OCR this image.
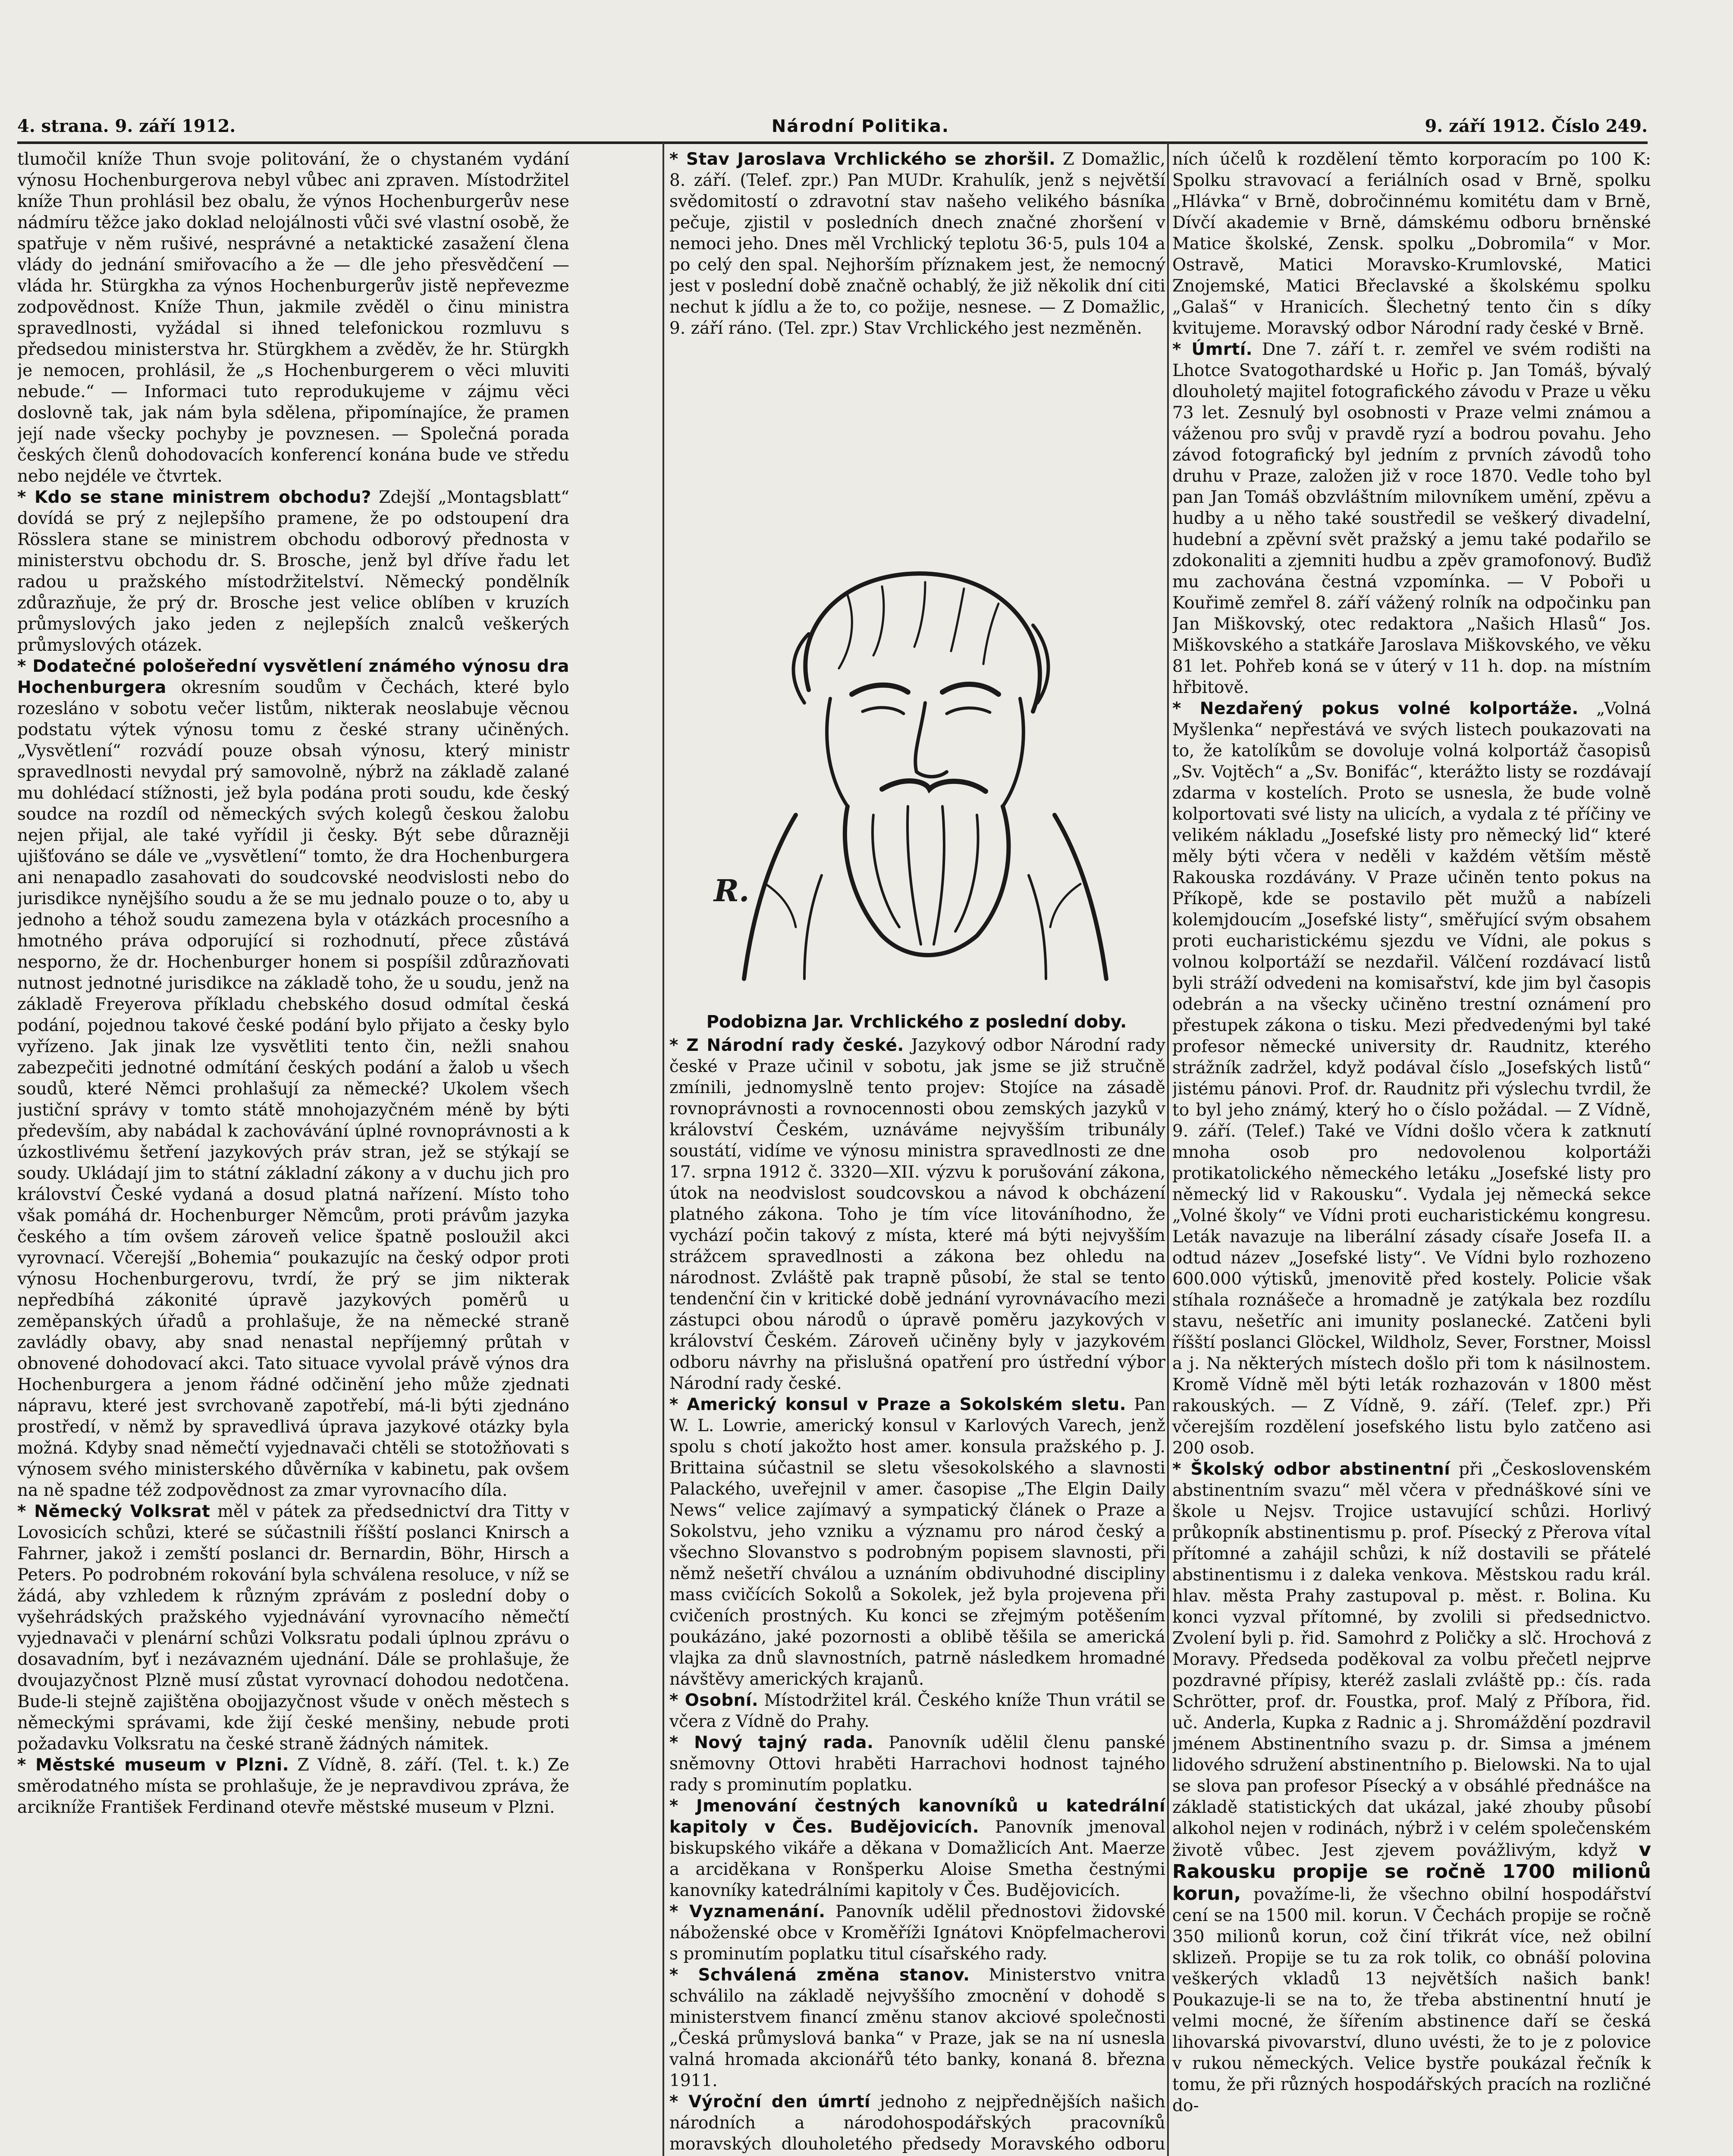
4. strana. 9. září 1912.	Národní Politika.	9. září 1912. Číslo 249.

tlumočil kníže Thun svoje politování, že o chystaném vydání výnosu Hochenburgerova nebyl vůbec ani zpraven. Místodržitel kníže Thun prohlásil bez obalu, že výnos Hochenburgerův nese nádmíru těžce jako doklad nelojálnosti vůči své vlastní osobě, že spatřuje v něm rušivé, nesprávné a netaktické zasažení člena vlády do jednání smiřovacího a že — dle jeho přesvědčení — vláda hr. Stürgkha za výnos Hochenburgerův jistě nepřevezme zodpovědnost. Kníže Thun, jakmile zvěděl o činu ministra spravedlnosti, vyžádal si ihned telefonickou rozmluvu s předsedou ministerstva hr. Stürgkhem a zvěděv, že hr. Stürgkh je nemocen, prohlásil, že „s Hochenburgerem o věci mluviti nebude.“ — Informaci tuto reprodukujeme v zájmu věci doslovně tak, jak nám byla sdělena, připomínajíce, že pramen její nade všecky pochyby je povznesen. — Společná porada českých členů dohodovacích konferencí konána bude ve středu nebo nejdéle ve čtvrtek.

* Kdo se stane ministrem obchodu? Zdejší „Montagsblatt“ dovídá se prý z nejlepšího pramene, že po odstoupení dra Rösslera stane se ministrem obchodu odborový přednosta v ministerstvu obchodu dr. S. Brosche, jenž byl dříve řadu let radou u pražského místodržitelství. Německý pondělník zdůrazňuje, že prý dr. Brosche jest velice oblíben v kruzích průmyslových jako jeden z nejlepších znalců veškerých průmyslových otázek.

* Dodatečné pološeřední vysvětlení známého výnosu dra Hochenburgera okresním soudům v Čechách, které bylo rozesláno v sobotu večer listům, nikterak neoslabuje věcnou podstatu výtek výnosu tomu z české strany učiněných. „Vysvětlení“ rozvádí pouze obsah výnosu, který ministr spravedlnosti nevydal prý samovolně, nýbrž na základě zalané mu dohlédací stížnosti, jež byla podána proti soudu, kde český soudce na rozdíl od německých svých kolegů českou žalobu nejen přijal, ale také vyřídil ji česky. Být sebe důrazněji ujišťováno se dále ve „vysvětlení“ tomto, že dra Hochenburgera ani nenapadlo zasahovati do soudcovské neodvislosti nebo do jurisdikce nynějšího soudu a že se mu jednalo pouze o to, aby u jednoho a téhož soudu zamezena byla v otázkách procesního a hmotného práva odporující si rozhodnutí, přece zůstává nesporno, že dr. Hochenburger honem si pospíšil zdůrazňovati nutnost jednotné jurisdikce na základě toho, že u soudu, jenž na základě Freyerova příkladu chebského dosud odmítal česká podání, pojednou takové české podání bylo přijato a česky bylo vyřízeno. Jak jinak lze vysvětliti tento čin, nežli snahou zabezpečiti jednotné odmítání českých podání a žalob u všech soudů, které Němci prohlašují za německé? Ukolem všech justiční správy v tomto státě mnohojazyčném méně by býti především, aby nabádal k zachovávání úplné rovnoprávnosti a k úzkostlivému šetření jazykových práv stran, jež se stýkají se soudy. Ukládají jim to státní základní zákony a v duchu jich pro království České vydaná a dosud platná nařízení. Místo toho však pomáhá dr. Hochenburger Němcům, proti právům jazyka českého a tím ovšem zároveň velice špatně posloužil akci vyrovnací. Včerejší „Bohemia“ poukazujíc na český odpor proti výnosu Hochenburgerovu, tvrdí, že prý se jim nikterak nepředbíhá zákonité úpravě jazykových poměrů u zeměpanských úřadů a prohlašuje, že na německé straně zavládly obavy, aby snad nenastal nepříjemný průtah v obnovené dohodovací akci. Tato situace vyvolal právě výnos dra Hochenburgera a jenom řádné odčinění jeho může zjednati nápravu, které jest svrchovaně zapotřebí, má-li býti zjednáno prostředí, v němž by spravedlivá úprava jazykové otázky byla možná. Kdyby snad němečtí vyjednavači chtěli se stotožňovati s výnosem svého ministerského důvěrníka v kabinetu, pak ovšem na ně spadne též zodpovědnost za zmar vyrovnacího díla.

* Německý Volksrat měl v pátek za předsednictví dra Titty v Lovosicích schůzi, které se súčastnili říšští poslanci Knirsch a Fahrner, jakož i zemští poslanci dr. Bernardin, Böhr, Hirsch a Peters. Po podrobném rokování byla schválena resoluce, v níž se žádá, aby vzhledem k různým zprávám z poslední doby o vyšehrádských pražského vyjednávání vyrovnacího němečtí vyjednavači v plenární schůzi Volksratu podali úplnou zprávu o dosavadním, byť i nezávazném ujednání. Dále se prohlašuje, že dvoujazyčnost Plzně musí zůstat vyrovnací dohodou nedotčena. Bude-li stejně zajištěna obojjazyčnost všude v oněch městech s německými správami, kde žijí české menšiny, nebude proti požadavku Volksratu na české straně žádných námitek.

* Městské museum v Plzni. Z Vídně, 8. září. (Tel. t. k.) Ze směrodatného místa se prohlašuje, že je nepravdivou zpráva, že arcikníže František Ferdinand otevře městské museum v Plzni.

* Stav Jaroslava Vrchlického se zhoršil. Z Domažlic, 8. září. (Telef. zpr.) Pan MUDr. Krahulík, jenž s největší svědomitostí o zdravotní stav našeho velikého básníka pečuje, zjistil v posledních dnech značné zhoršení v nemoci jeho. Dnes měl Vrchlický teplotu 36·5, puls 104 a po celý den spal. Nejhorším příznakem jest, že nemocný jest v poslední době značně ochablý, že již několik dní citi nechut k jídlu a že to, co požije, nesnese. — Z Domažlic, 9. září ráno. (Tel. zpr.) Stav Vrchlického jest nezměněn.

R.
Podobizna Jar. Vrchlického z poslední doby.

* Z Národní rady české. Jazykový odbor Národní rady české v Praze učinil v sobotu, jak jsme se již stručně zmínili, jednomyslně tento projev: Stojíce na zásadě rovnoprávnosti a rovnocennosti obou zemských jazyků v království Českém, uznáváme nejvyšším tribunály soustátí, vidíme ve výnosu ministra spravedlnosti ze dne 17. srpna 1912 č. 3320—XII. výzvu k porušování zákona, útok na neodvislost soudcovskou a návod k obcházení platného zákona. Toho je tím více litováníhodno, že vychází počin takový z místa, které má býti nejvyšším strážcem spravedlnosti a zákona bez ohledu na národnost. Zvláště pak trapně působí, že stal se tento tendenční čin v kritické době jednání vyrovnávacího mezi zástupci obou národů o úpravě poměru jazykových v království Českém. Zároveň učiněny byly v jazykovém odboru návrhy na přislušná opatření pro ústřední výbor Národní rady české.

* Americký konsul v Praze a Sokolském sletu. Pan W. L. Lowrie, americký konsul v Karlových Varech, jenž spolu s chotí jakožto host amer. konsula pražského p. J. Brittaina súčastnil se sletu všesokolského a slavnosti Palackého, uveřejnil v amer. časopise „The Elgin Daily News“ velice zajímavý a sympatický článek o Praze a Sokolstvu, jeho vzniku a významu pro národ český a všechno Slovanstvo s podrobným popisem slavnosti, při němž nešetří chválou a uznáním obdivuhodné discipliny mass cvičících Sokolů a Sokolek, jež byla projevena při cvičeních prostných. Ku konci se zřejmým potěšením poukázáno, jaké pozornosti a oblibě těšila se americká vlajka za dnů slavnostních, patrně následkem hromadné návštěvy amerických krajanů.

* Osobní. Místodržitel král. Českého kníže Thun vrátil se včera z Vídně do Prahy.

* Nový tajný rada. Panovník udělil členu panské sněmovny Ottovi hraběti Harrachovi hodnost tajného rady s prominutím poplatku.

* Jmenování čestných kanovníků u katedrální kapitoly v Čes. Budějovicích. Panovník jmenoval biskupského vikáře a děkana v Domažlicích Ant. Maerze a arciděkana v Ronšperku Aloise Smetha čestnými kanovníky katedrálními kapitoly v Čes. Budějovicích.

* Vyznamenání. Panovník udělil přednostovi židovské náboženské obce v Kroměříži Ignátovi Knöpfelmacherovi s prominutím poplatku titul císařského rady.

* Schválená změna stanov. Ministerstvo vnitra schválilo na základě nejvyššího zmocnění v dohodě s ministerstvem financí změnu stanov akciové společnosti „Česká průmyslová banka“ v Praze, jak se na ní usnesla valná hromada akcionářů této banky, konaná 8. března 1911.

* Výroční den úmrtí jednoho z nejpřednějších našich národních a národohospodářských pracovníků moravských dlouholetého předsedy Moravského odboru

ních účelů k rozdělení těmto korporacím po 100 K: Spolku stravovací a feriálních osad v Brně, spolku „Hlávka“ v Brně, dobročinnému komitétu dam v Brně, Dívčí akademie v Brně, dámskému odboru brněnské Matice školské, Zensk. spolku „Dobromila“ v Mor. Ostravě, Matici Moravsko-Krumlovské, Matici Znojemské, Matici Břeclavské a školskému spolku „Galaš“ v Hranicích. Šlechetný tento čin s díky kvitujeme. Moravský odbor Národní rady české v Brně.

* Úmrtí. Dne 7. září t. r. zemřel ve svém rodišti na Lhotce Svatogothardské u Hořic p. Jan Tomáš, bývalý dlouholetý majitel fotografického závodu v Praze u věku 73 let. Zesnulý byl osobnosti v Praze velmi známou a váženou pro svůj v pravdě ryzí a bodrou povahu. Jeho závod fotografický byl jedním z prvních závodů toho druhu v Praze, založen již v roce 1870. Vedle toho byl pan Jan Tomáš obzvláštním milovníkem umění, zpěvu a hudby a u něho také soustředil se veškerý divadelní, hudební a zpěvní svět pražský a jemu také podařilo se zdokonaliti a zjemniti hudbu a zpěv gramofonový. Buďiž mu zachována čestná vzpomínka. — V Poboři u Kouřimě zemřel 8. září vážený rolník na odpočinku pan Jan Miškovský, otec redaktora „Našich Hlasů“ Jos. Miškovského a statkáře Jaroslava Miškovského, ve věku 81 let. Pohřeb koná se v úterý v 11 h. dop. na místním hřbitově.

* Nezdařený pokus volné kolportáže. „Volná Myšlenka“ nepřestává ve svých listech poukazovati na to, že katolíkům se dovoluje volná kolportáž časopisů „Sv. Vojtěch“ a „Sv. Bonifác“, kterážto listy se rozdávají zdarma v kostelích. Proto se usnesla, že bude volně kolportovati své listy na ulicích, a vydala z té příčiny ve velikém nákladu „Josefské listy pro německý lid“ které měly býti včera v neděli v každém větším městě Rakouska rozdávány. V Praze učiněn tento pokus na Příkopě, kde se postavilo pět mužů a nabízeli kolemjdoucím „Josefské listy“, směřující svým obsahem proti eucharistickému sjezdu ve Vídni, ale pokus s volnou kolportáží se nezdařil. Válčení rozdávací listů byli stráží odvedeni na komisařství, kde jim byl časopis odebrán a na všecky učiněno trestní oznámení pro přestupek zákona o tisku. Mezi předvedenými byl také profesor německé university dr. Raudnitz, kterého strážník zadržel, když podával číslo „Josefských listů“ jistému pánovi. Prof. dr. Raudnitz při výslechu tvrdil, že to byl jeho známý, který ho o číslo požádal. — Z Vídně, 9. září. (Telef.) Také ve Vídni došlo včera k zatknutí mnoha osob pro nedovolenou kolportáži protikatolického německého letáku „Josefské listy pro německý lid v Rakousku“. Vydala jej německá sekce „Volné školy“ ve Vídni proti eucharistickému kongresu. Leták navazuje na liberální zásady císaře Josefa II. a odtud název „Josefské listy“. Ve Vídni bylo rozhozeno 600.000 výtisků, jmenovitě před kostely. Policie však stíhala roznášeče a hromadně je zatýkala bez rozdílu stavu, nešetříc ani imunity poslanecké. Zatčeni byli říšští poslanci Glöckel, Wildholz, Sever, Forstner, Moissl a j. Na některých místech došlo při tom k násilnostem. Kromě Vídně měl býti leták rozhazován v 1800 měst rakouských. — Z Vídně, 9. září. (Telef. zpr.) Při včerejším rozdělení josefského listu bylo zatčeno asi 200 osob.

* Školský odbor abstinentní při „Československém abstinentním svazu“ měl včera v přednáškové síni ve škole u Nejsv. Trojice ustavující schůzi. Horlivý průkopník abstinentismu p. prof. Písecký z Přerova vítal přítomné a zahájil schůzi, k níž dostavili se přátelé abstinentismu i z daleka venkova. Městskou radu král. hlav. města Prahy zastupoval p. měst. r. Bolina. Ku konci vyzval přítomné, by zvolili si předsednictvo. Zvolení byli p. řid. Samohrd z Poličky a slč. Hrochová z Moravy. Předseda poděkoval za volbu přečetl nejprve pozdravné přípisy, kteréž zaslali zvláště pp.: čís. rada Schrötter, prof. dr. Foustka, prof. Malý z Příbora, řid. uč. Anderla, Kupka z Radnic a j. Shromáždění pozdravil jménem Abstinentního svazu p. dr. Simsa a jménem lidového sdružení abstinentního p. Bielowski. Na to ujal se slova pan profesor Písecký a v obsáhlé přednášce na základě statistických dat ukázal, jaké zhouby působí alkohol nejen v rodinách, nýbrž i v celém společenském životě vůbec. Jest zjevem povážlivým, když v Rakousku propije se ročně 1700 milionů korun, považíme-li, že všechno obilní hospodářství cení se na 1500 mil. korun. V Čechách propije se ročně 350 milionů korun, což činí třikrát více, než obilní sklizeň. Propije se tu za rok tolik, co obnáší polovina veškerých vkladů 13 největších našich bank! Poukazuje-li se na to, že třeba abstinentní hnutí je velmi mocné, že šířením abstinence daří se česká lihovarská pivovarství, dluno uvésti, že to je z polovice v rukou německých. Velice bystře poukázal řečník k tomu, že při různých hospodářských pracích na rozličné do-
